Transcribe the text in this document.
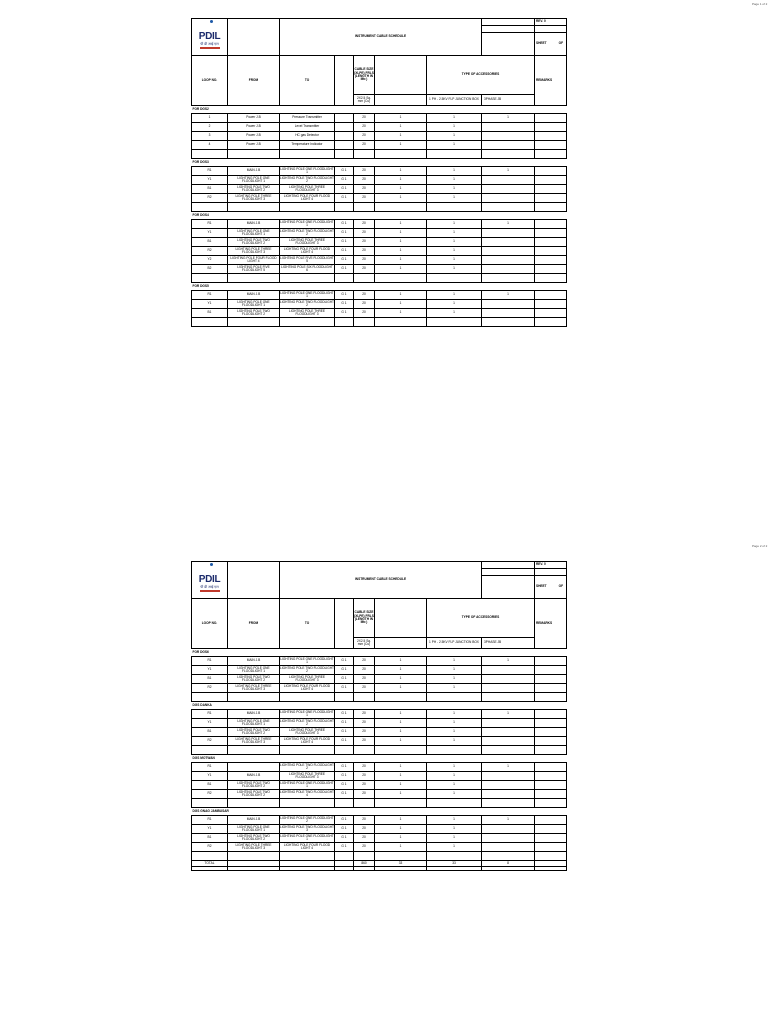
Page 1 of 2
PDIL
पी डी आई एल		INSTRUMENT CABLE SCHEDULE						REV. 0

								SHEET OF

LOOP NO.	FROM	TO		CABLE SIZE (XLPE) FRLS (LENGTH IN Mtr.)		TYPE OF ACCESSORIES		REMARKS
				2X2.5 Sq. mm (Cu)		1 PH - 2.5KV FLP JUNCTION BOX	3PHASE JB	
FOR DGS2								
1	Power J.B	Pressure Transmitter		20	1	1	1	
2	Power J.B	Level Transmitter		20	1	1		
3	Power J.B	HC gas Detector		20	1	1		
4	Power J.B	Temperature Indicator		20	1	1		

FOR DGS3								
R1	MAIN J.B	LIGHTING POLE ONE FLOODLIGHT 1	G 1	20	1	1	1	
Y1	LIGHTING POLE ONE FLOODLIGHT 1	LIGHTING POLE TWO FLOODLIGHT 2	G 1	20	1	1		
B1	LIGHTING POLE TWO FLOODLIGHT 2	LIGHTING POLE THREE FLOODLIGHT 3	G 1	20	1	1		
R2	LIGHTING POLE THREE FLOODLIGHT 3	LIGHTING POLE FOUR FLOOD LIGHT 4	G 1	20	1	1		

FOR DGS4								
R1	MAIN J.B	LIGHTING POLE ONE FLOODLIGHT 1	G 1	20	1	1	1	
Y1	LIGHTING POLE ONE FLOODLIGHT 1	LIGHTING POLE TWO FLOODLIGHT 2	G 1	20	1	1		
B1	LIGHTING POLE TWO FLOODLIGHT 2	LIGHTING POLE THREE FLOODLIGHT 3	G 1	20	1	1		
R2	LIGHTING POLE THREE FLOODLIGHT 3	LIGHTING POLE FOUR FLOOD LIGHT 4	G 1	20	1	1		
Y2	LIGHTING POLE FOUR FLOOD LIGHT 4	LIGHTING POLE FIVE FLOODLIGHT 5	G 1	20	1	1		
B2	LIGHTING POLE FIVE FLOODLIGHT 5	LIGHTING POLE SIX FLOODLIGHT 6	G 1	20	1	1		

FOR DGS5								
R1	MAIN J.B	LIGHTING POLE ONE FLOODLIGHT 1	G 1	20	1	1	1	
Y1	LIGHTING POLE ONE FLOODLIGHT 1	LIGHTING POLE TWO FLOODLIGHT 2	G 1	20	1	1		
B1	LIGHTING POLE TWO FLOODLIGHT 2	LIGHTING POLE THREE FLOODLIGHT 3	G 1	20	1	1		

Page 2 of 2
PDIL
पी डी आई एल		INSTRUMENT CABLE SCHEDULE						REV. 0

								SHEET OF

LOOP NO.	FROM	TO		CABLE SIZE (XLPE) FRLS (LENGTH IN Mtr.)		TYPE OF ACCESSORIES		REMARKS
				2X2.5 Sq. mm (Cu)		1 PH - 2.5KV FLP JUNCTION BOX	3PHASE JB	
FOR DGS6								
R1	MAIN J.B	LIGHTING POLE ONE FLOODLIGHT 1	G 1	20	1	1	1	
Y1	LIGHTING POLE ONE FLOODLIGHT 1	LIGHTING POLE TWO FLOODLIGHT 2	G 1	20	1	1		
B1	LIGHTING POLE TWO FLOODLIGHT 2	LIGHTING POLE THREE FLOODLIGHT 3	G 1	20	1	1		
R2	LIGHTING POLE THREE FLOODLIGHT 3	LIGHTING POLE FOUR FLOOD LIGHT 4	G 1	20	1	1		

DGS DANKA								
R1	MAIN J.B	LIGHTING POLE ONE FLOODLIGHT 1	G 1	20	1	1	1	
Y1	LIGHTING POLE ONE FLOODLIGHT 1	LIGHTING POLE TWO FLOODLIGHT 2	G 1	20	1	1		
B1	LIGHTING POLE TWO FLOODLIGHT 2	LIGHTING POLE THREE FLOODLIGHT 3	G 1	20	1	1		
R2	LIGHTING POLE THREE FLOODLIGHT 3	LIGHTING POLE FOUR FLOOD LIGHT 4	G 1	20	1	1		

DGS MOTWAN								
R1		LIGHTING POLE TWO FLOODLIGHT 2	G 1	20	1	1	1	
Y1	MAIN J.B	LIGHTING POLE THREE FLOODLIGHT 3	G 1	20	1	1		
B1	LIGHTING POLE TWO FLOODLIGHT 2	LIGHTING POLE ONE FLOODLIGHT 1	G 1	20	1	1		
R2	LIGHTING POLE TWO FLOODLIGHT 2	LIGHTING POLE TWO FLOODLIGHT 4	G 1	20	1	1		

DGS GNAG JAMBUSAR								
R1	MAIN J.B	LIGHTING POLE ONE FLOODLIGHT 2	G 1	20	1	1	1	
Y1	LIGHTING POLE ONE FLOODLIGHT 1	LIGHTING POLE TWO FLOODLIGHT 3	G 1	20	1	1		
B1	LIGHTING POLE TWO FLOODLIGHT 2	LIGHTING POLE ONE FLOODLIGHT 1	G 1	20	1	1		
R2	LIGHTING POLE THREE FLOODLIGHT 3	LIGHTING POLE FOUR FLOOD LIGHT 4	G 1	20	1	1		

TOTAL				860	33	33	8	
